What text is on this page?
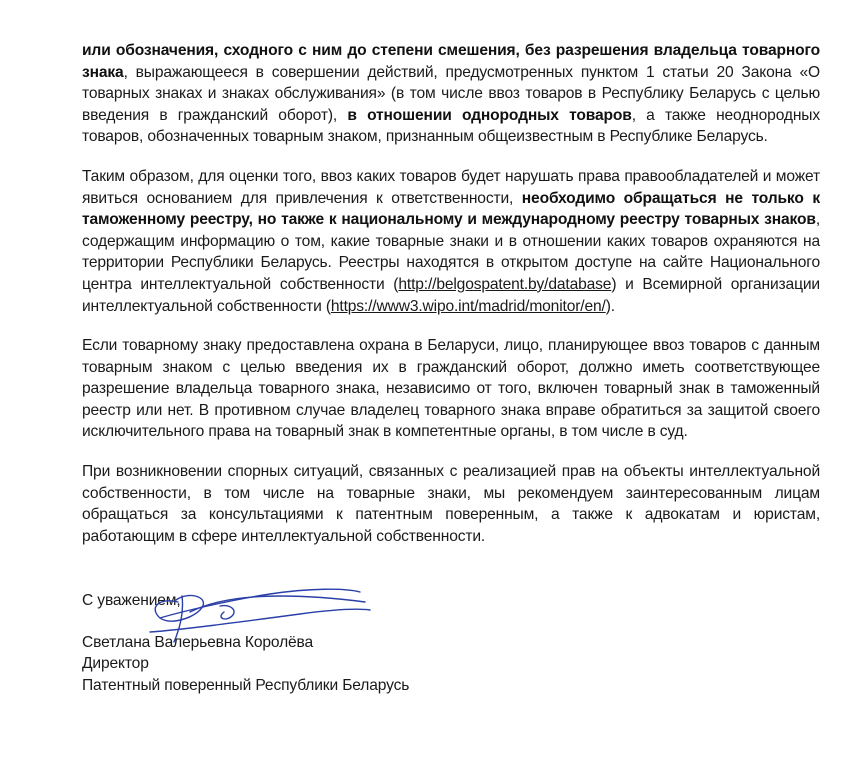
или обозначения, сходного с ним до степени смешения, без разрешения владельца товарного знака, выражающееся в совершении действий, предусмотренных пунктом 1 статьи 20 Закона «О товарных знаках и знаках обслуживания» (в том числе ввоз товаров в Республику Беларусь с целью введения в гражданский оборот), в отношении однородных товаров, а также неоднородных товаров, обозначенных товарным знаком, признанным общеизвестным в Республике Беларусь.

Таким образом, для оценки того, ввоз каких товаров будет нарушать права правообладателей и может явиться основанием для привлечения к ответственности, необходимо обращаться не только к таможенному реестру, но также к национальному и международному реестру товарных знаков, содержащим информацию о том, какие товарные знаки и в отношении каких товаров охраняются на территории Республики Беларусь. Реестры находятся в открытом доступе на сайте Национального центра интеллектуальной собственности (http://belgospatent.by/database) и Всемирной организации интеллектуальной собственности (https://www3.wipo.int/madrid/monitor/en/).

Если товарному знаку предоставлена охрана в Беларуси, лицо, планирующее ввоз товаров с данным товарным знаком с целью введения их в гражданский оборот, должно иметь соответствующее разрешение владельца товарного знака, независимо от того, включен товарный знак в таможенный реестр или нет. В противном случае владелец товарного знака вправе обратиться за защитой своего исключительного права на товарный знак в компетентные органы, в том числе в суд.

При возникновении спорных ситуаций, связанных с реализацией прав на объекты интеллектуальной собственности, в том числе на товарные знаки, мы рекомендуем заинтересованным лицам обращаться за консультациями к патентным поверенным, а также к адвокатам и юристам, работающим в сфере интеллектуальной собственности.

С уважением,
Светлана Валерьевна Королёва
Директор
Патентный поверенный Республики Беларусь
